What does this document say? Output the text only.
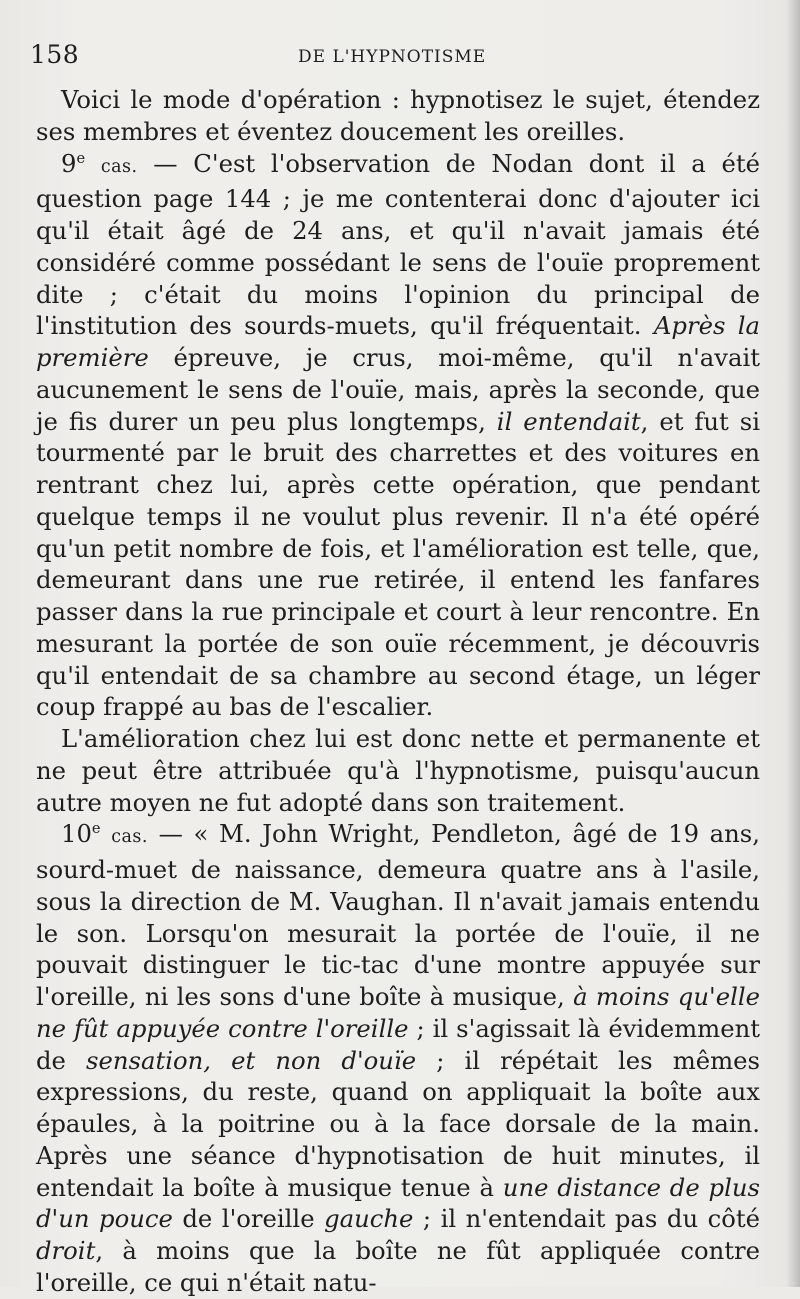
158	DE L'HYPNOTISME

Voici le mode d'opération : hypnotisez le sujet, étendez ses membres et éventez doucement les oreilles.

9e cas. — C'est l'observation de Nodan dont il a été question page 144 ; je me contenterai donc d'ajouter ici qu'il était âgé de 24 ans, et qu'il n'avait jamais été considéré comme possédant le sens de l'ouïe proprement dite ; c'était du moins l'opinion du principal de l'institution des sourds-muets, qu'il fréquentait. Après la première épreuve, je crus, moi-même, qu'il n'avait aucunement le sens de l'ouïe, mais, après la seconde, que je fis durer un peu plus longtemps, il entendait, et fut si tourmenté par le bruit des charrettes et des voitures en rentrant chez lui, après cette opération, que pendant quelque temps il ne voulut plus revenir. Il n'a été opéré qu'un petit nombre de fois, et l'amélioration est telle, que, demeurant dans une rue retirée, il entend les fanfares passer dans la rue principale et court à leur rencontre. En mesurant la portée de son ouïe récemment, je découvris qu'il entendait de sa chambre au second étage, un léger coup frappé au bas de l'escalier.

L'amélioration chez lui est donc nette et permanente et ne peut être attribuée qu'à l'hypnotisme, puisqu'aucun autre moyen ne fut adopté dans son traitement.

10e cas. — « M. John Wright, Pendleton, âgé de 19 ans, sourd-muet de naissance, demeura quatre ans à l'asile, sous la direction de M. Vaughan. Il n'avait jamais entendu le son. Lorsqu'on mesurait la portée de l'ouïe, il ne pouvait distinguer le tic-tac d'une montre appuyée sur l'oreille, ni les sons d'une boîte à musique, à moins qu'elle ne fût appuyée contre l'oreille ; il s'agissait là évidemment de sensation, et non d'ouïe ; il répétait les mêmes expressions, du reste, quand on appliquait la boîte aux épaules, à la poitrine ou à la face dorsale de la main. Après une séance d'hypnotisation de huit minutes, il entendait la boîte à musique tenue à une distance de plus d'un pouce de l'oreille gauche ; il n'entendait pas du côté droit, à moins que la boîte ne fût appliquée contre l'oreille, ce qui n'était natu-
